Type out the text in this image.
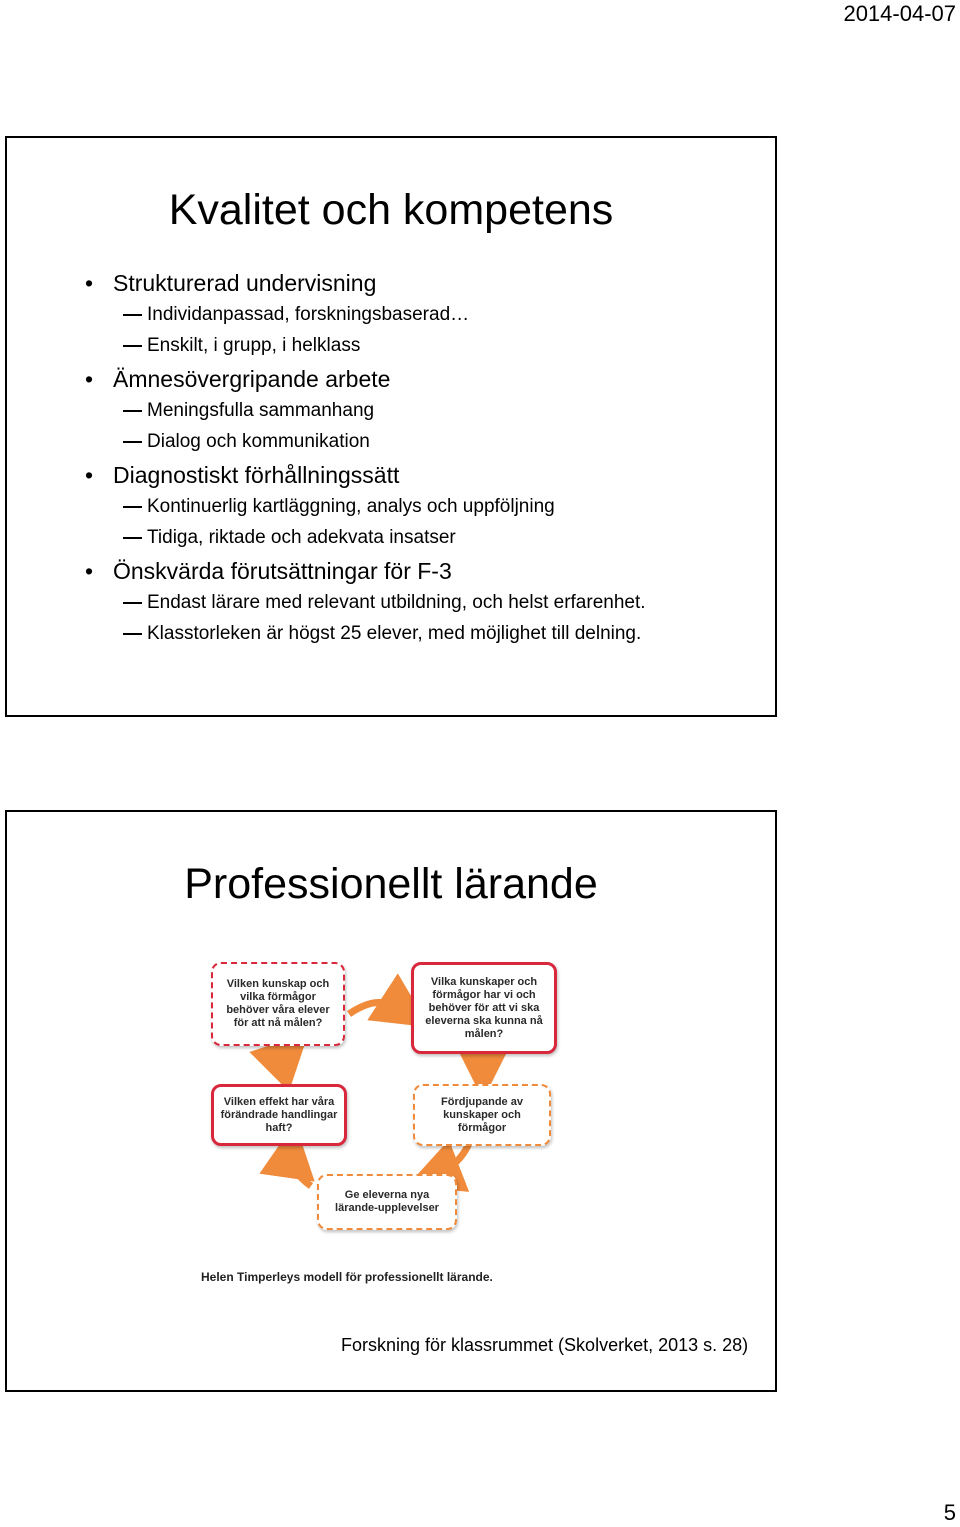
2014-04-07
Kvalitet och kompetens
• Strukturerad undervisning
Individanpassad, forskningsbaserad…
Enskilt, i grupp, i helklass
• Ämnesövergripande arbete
Meningsfulla sammanhang
Dialog och kommunikation
• Diagnostiskt förhållningssätt
Kontinuerlig kartläggning, analys och uppföljning
Tidiga, riktade och adekvata insatser
• Önskvärda förutsättningar för F-3
Endast lärare med relevant utbildning, och helst erfarenhet.
Klasstorleken är högst 25 elever, med möjlighet till delning.
Professionellt lärande
Vilken kunskap och vilka förmågor behöver våra elever för att nå målen?
Vilka kunskaper och förmågor har vi och behöver för att vi ska eleverna ska kunna nå målen?
Fördjupande av kunskaper och förmågor
Ge eleverna nya lärande-upplevelser
Vilken effekt har våra förändrade handlingar haft?
Helen Timperleys modell för professionellt lärande.
Forskning för klassrummet (Skolverket, 2013 s. 28)
5
